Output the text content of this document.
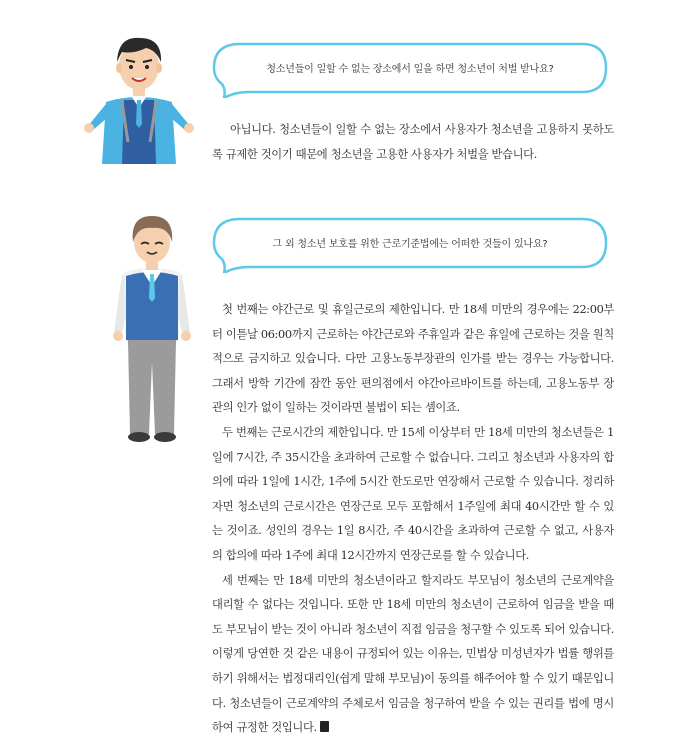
청소년들이 일할 수 없는 장소에서 일을 하면 청소년이 처벌 받나요?
아닙니다. 청소년들이 일할 수 없는 장소에서 사용자가 청소년을 고용하지 못하도록 규제한 것이기 때문에 청소년을 고용한 사용자가 처벌을 받습니다.
그 외 청소년 보호를 위한 근로기준법에는 어떠한 것들이 있나요?
첫 번째는 야간근로 및 휴일근로의 제한입니다. 만 18세 미만의 경우에는 22:00부터 이튿날 06:00까지 근로하는 야간근로와 주휴일과 같은 휴일에 근로하는 것을 원칙적으로 금지하고 있습니다. 다만 고용노동부장관의 인가를 받는 경우는 가능합니다. 그래서 방학 기간에 잠깐 동안 편의점에서 야간아르바이트를 하는데, 고용노동부 장관의 인가 없이 일하는 것이라면 불법이 되는 셈이죠.
두 번째는 근로시간의 제한입니다. 만 15세 이상부터 만 18세 미만의 청소년들은 1일에 7시간, 주 35시간을 초과하여 근로할 수 없습니다. 그리고 청소년과 사용자의 합의에 따라 1일에 1시간, 1주에 5시간 한도로만 연장해서 근로할 수 있습니다. 정리하자면 청소년의 근로시간은 연장근로 모두 포함해서 1주일에 최대 40시간만 할 수 있는 것이죠. 성인의 경우는 1일 8시간, 주 40시간을 초과하여 근로할 수 없고, 사용자의 합의에 따라 1주에 최대 12시간까지 연장근로를 할 수 있습니다.
세 번째는 만 18세 미만의 청소년이라고 할지라도 부모님이 청소년의 근로계약을 대리할 수 없다는 것입니다. 또한 만 18세 미만의 청소년이 근로하여 임금을 받을 때도 부모님이 받는 것이 아니라 청소년이 직접 임금을 청구할 수 있도록 되어 있습니다. 이렇게 당연한 것 같은 내용이 규정되어 있는 이유는, 민법상 미성년자가 법률 행위를 하기 위해서는 법정대리인(쉽게 말해 부모님)이 동의를 해주어야 할 수 있기 때문입니다. 청소년들이 근로계약의 주체로서 임금을 청구하여 받을 수 있는 권리를 법에 명시하여 규정한 것입니다.
